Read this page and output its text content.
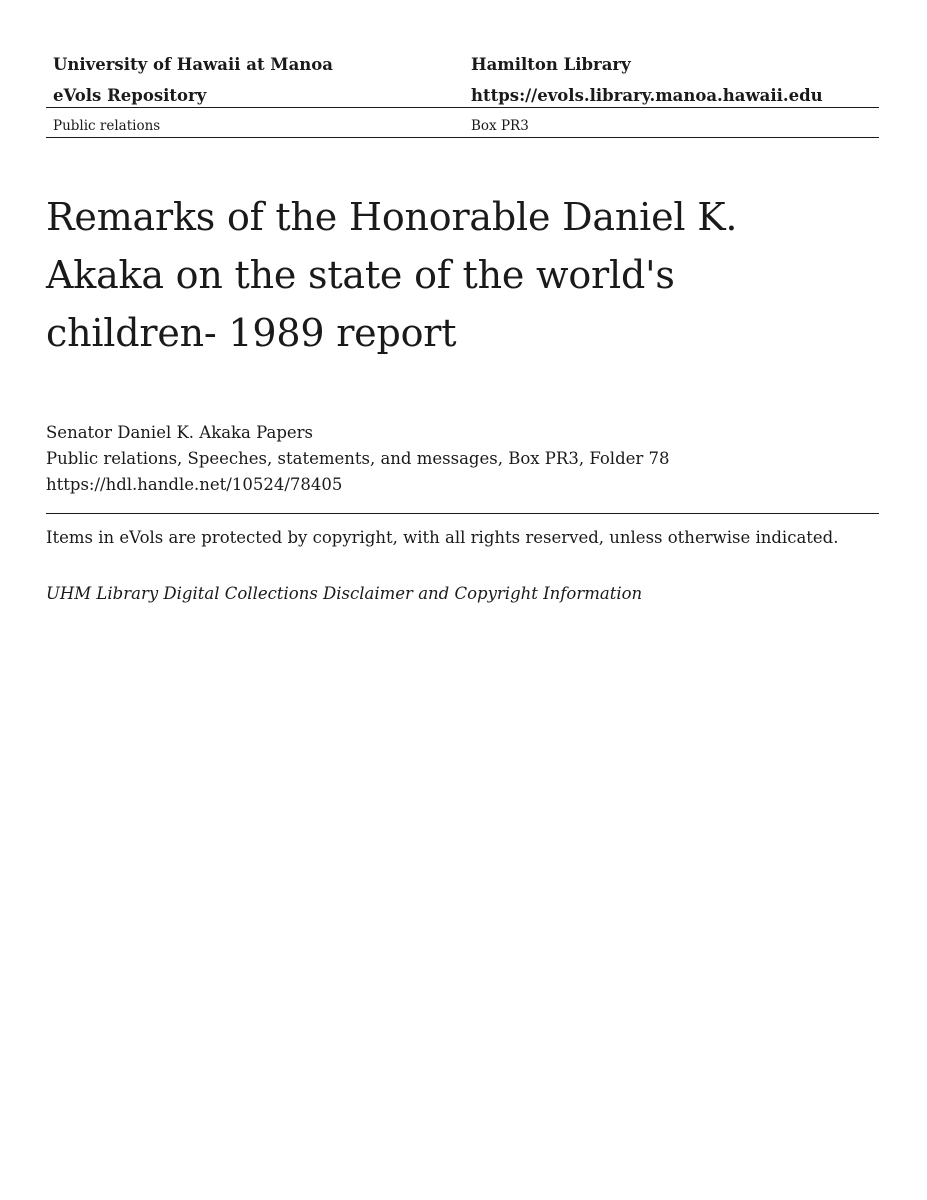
University of Hawaii at Manoa	Hamilton Library
eVols Repository	https://evols.library.manoa.hawaii.edu
Public relations	Box PR3
Remarks of the Honorable Daniel K. Akaka on the state of the world's children- 1989 report
Senator Daniel K. Akaka Papers
Public relations, Speeches, statements, and messages, Box PR3, Folder 78
https://hdl.handle.net/10524/78405
Items in eVols are protected by copyright, with all rights reserved, unless otherwise indicated.
UHM Library Digital Collections Disclaimer and Copyright Information
